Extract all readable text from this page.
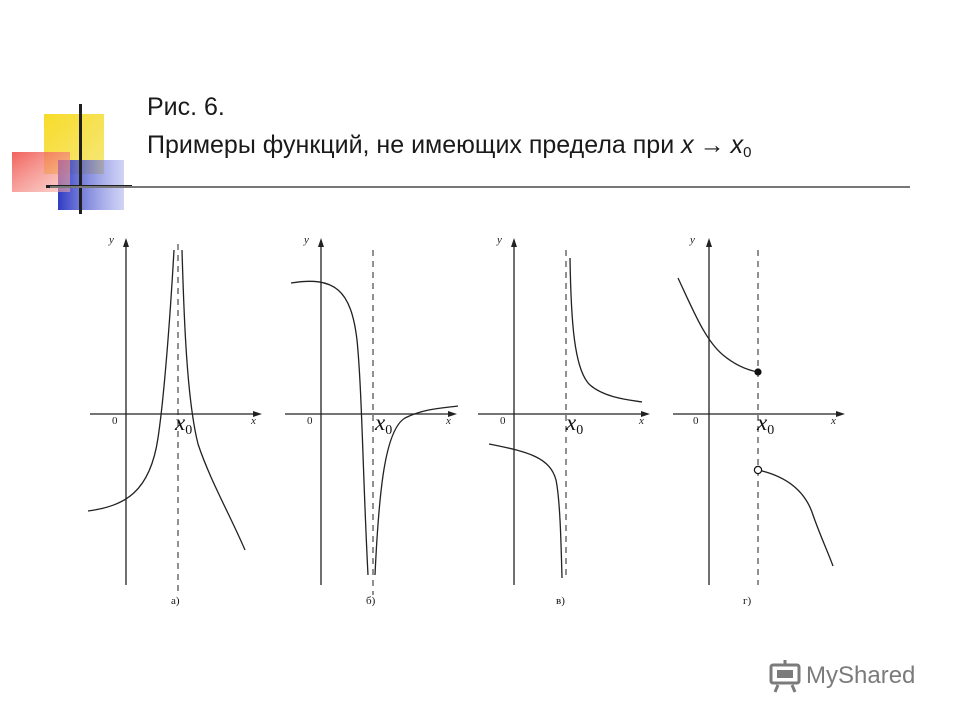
Рис. 6.
Примеры функций, не имеющих предела при $x \to x_0$
y
0	x
$x_0$
а)
y
0	x
$x_0$
б)
y
0	x
$x_0$
в)
y
0	x
$x_0$
г)
MyShared
